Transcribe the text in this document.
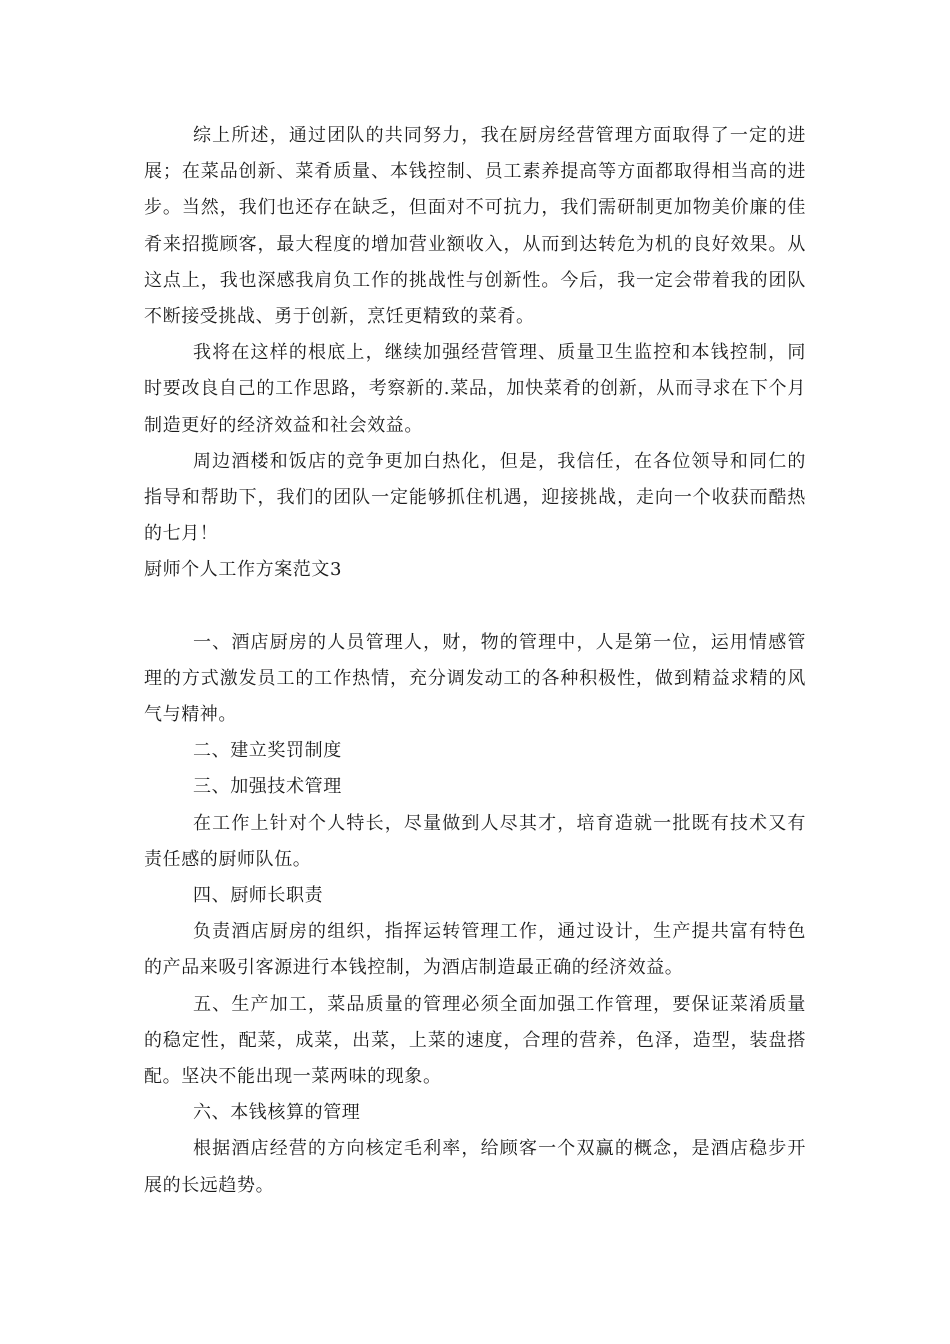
综上所述，通过团队的共同努力，我在厨房经营管理方面取得了一定的进展；在菜品创新、菜肴质量、本钱控制、员工素养提高等方面都取得相当高的进步。当然，我们也还存在缺乏，但面对不可抗力，我们需研制更加物美价廉的佳肴来招揽顾客，最大程度的增加营业额收入，从而到达转危为机的良好效果。从这点上，我也深感我肩负工作的挑战性与创新性。今后，我一定会带着我的团队不断接受挑战、勇于创新，烹饪更精致的菜肴。

我将在这样的根底上，继续加强经营管理、质量卫生监控和本钱控制，同时要改良自己的工作思路，考察新的.菜品，加快菜肴的创新，从而寻求在下个月制造更好的经济效益和社会效益。

周边酒楼和饭店的竞争更加白热化，但是，我信任，在各位领导和同仁的指导和帮助下，我们的团队一定能够抓住机遇，迎接挑战，走向一个收获而酷热的七月！

厨师个人工作方案范文3

一、酒店厨房的人员管理人，财，物的管理中，人是第一位，运用情感管理的方式激发员工的工作热情，充分调发动工的各种积极性，做到精益求精的风气与精神。

二、建立奖罚制度

三、加强技术管理

在工作上针对个人特长，尽量做到人尽其才，培育造就一批既有技术又有责任感的厨师队伍。

四、厨师长职责

负责酒店厨房的组织，指挥运转管理工作，通过设计，生产提共富有特色的产品来吸引客源进行本钱控制，为酒店制造最正确的经济效益。

五、生产加工，菜品质量的管理必须全面加强工作管理，要保证菜淆质量的稳定性，配菜，成菜，出菜，上菜的速度，合理的营养，色泽，造型，装盘搭配。坚决不能出现一菜两味的现象。

六、本钱核算的管理

根据酒店经营的方向核定毛利率，给顾客一个双赢的概念，是酒店稳步开展的长远趋势。
